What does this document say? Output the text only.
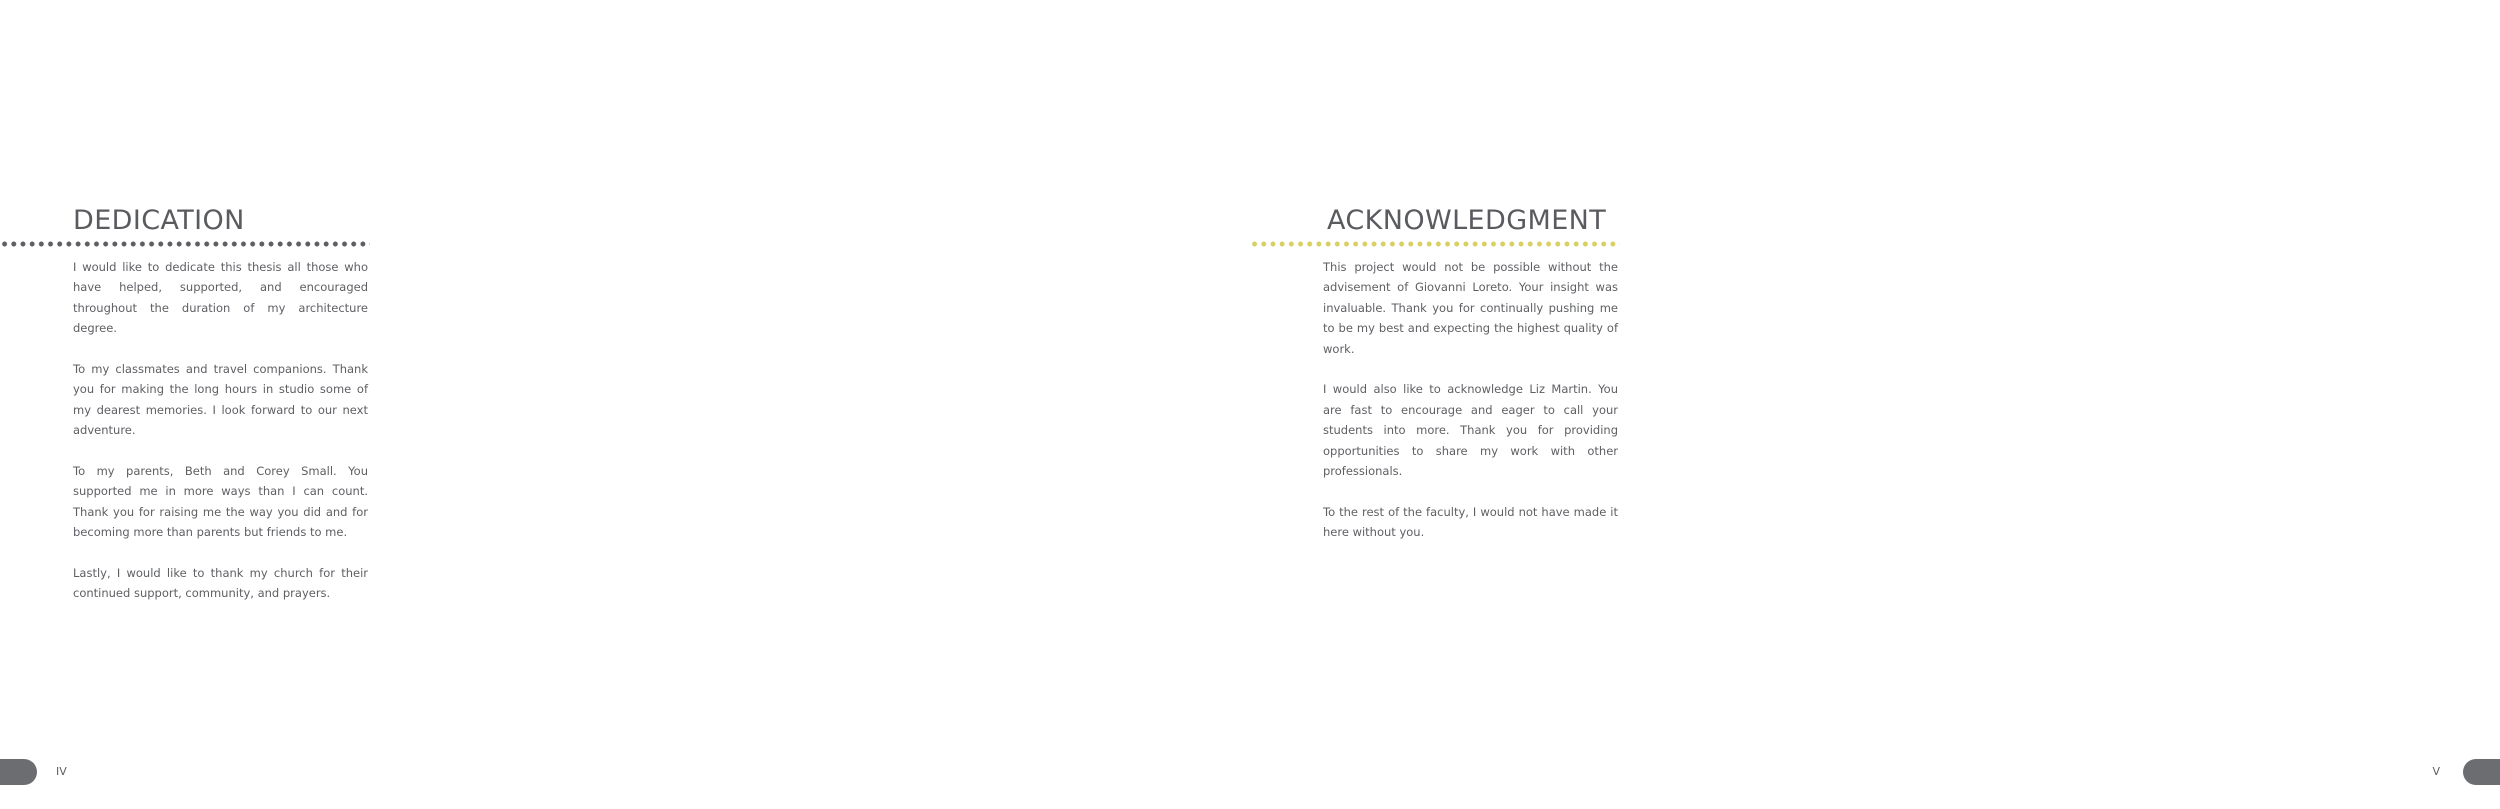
DEDICATION

I would like to dedicate this thesis all those who have helped, supported, and encouraged throughout the duration of my architecture degree.

To my classmates and travel companions. Thank you for making the long hours in studio some of my dearest memories. I look forward to our next adventure.

To my parents, Beth and Corey Small. You supported me in more ways than I can count. Thank you for raising me the way you did and for becoming more than parents but friends to me.

Lastly, I would like to thank my church for their continued support, community, and prayers.

IV
ACKNOWLEDGMENT

This project would not be possible without the advisement of Giovanni Loreto. Your insight was invaluable. Thank you for continually pushing me to be my best and expecting the highest quality of work.

I would also like to acknowledge Liz Martin. You are fast to encourage and eager to call your students into more. Thank you for providing opportunities to share my work with other professionals.

To the rest of the faculty, I would not have made it here without you.

V
